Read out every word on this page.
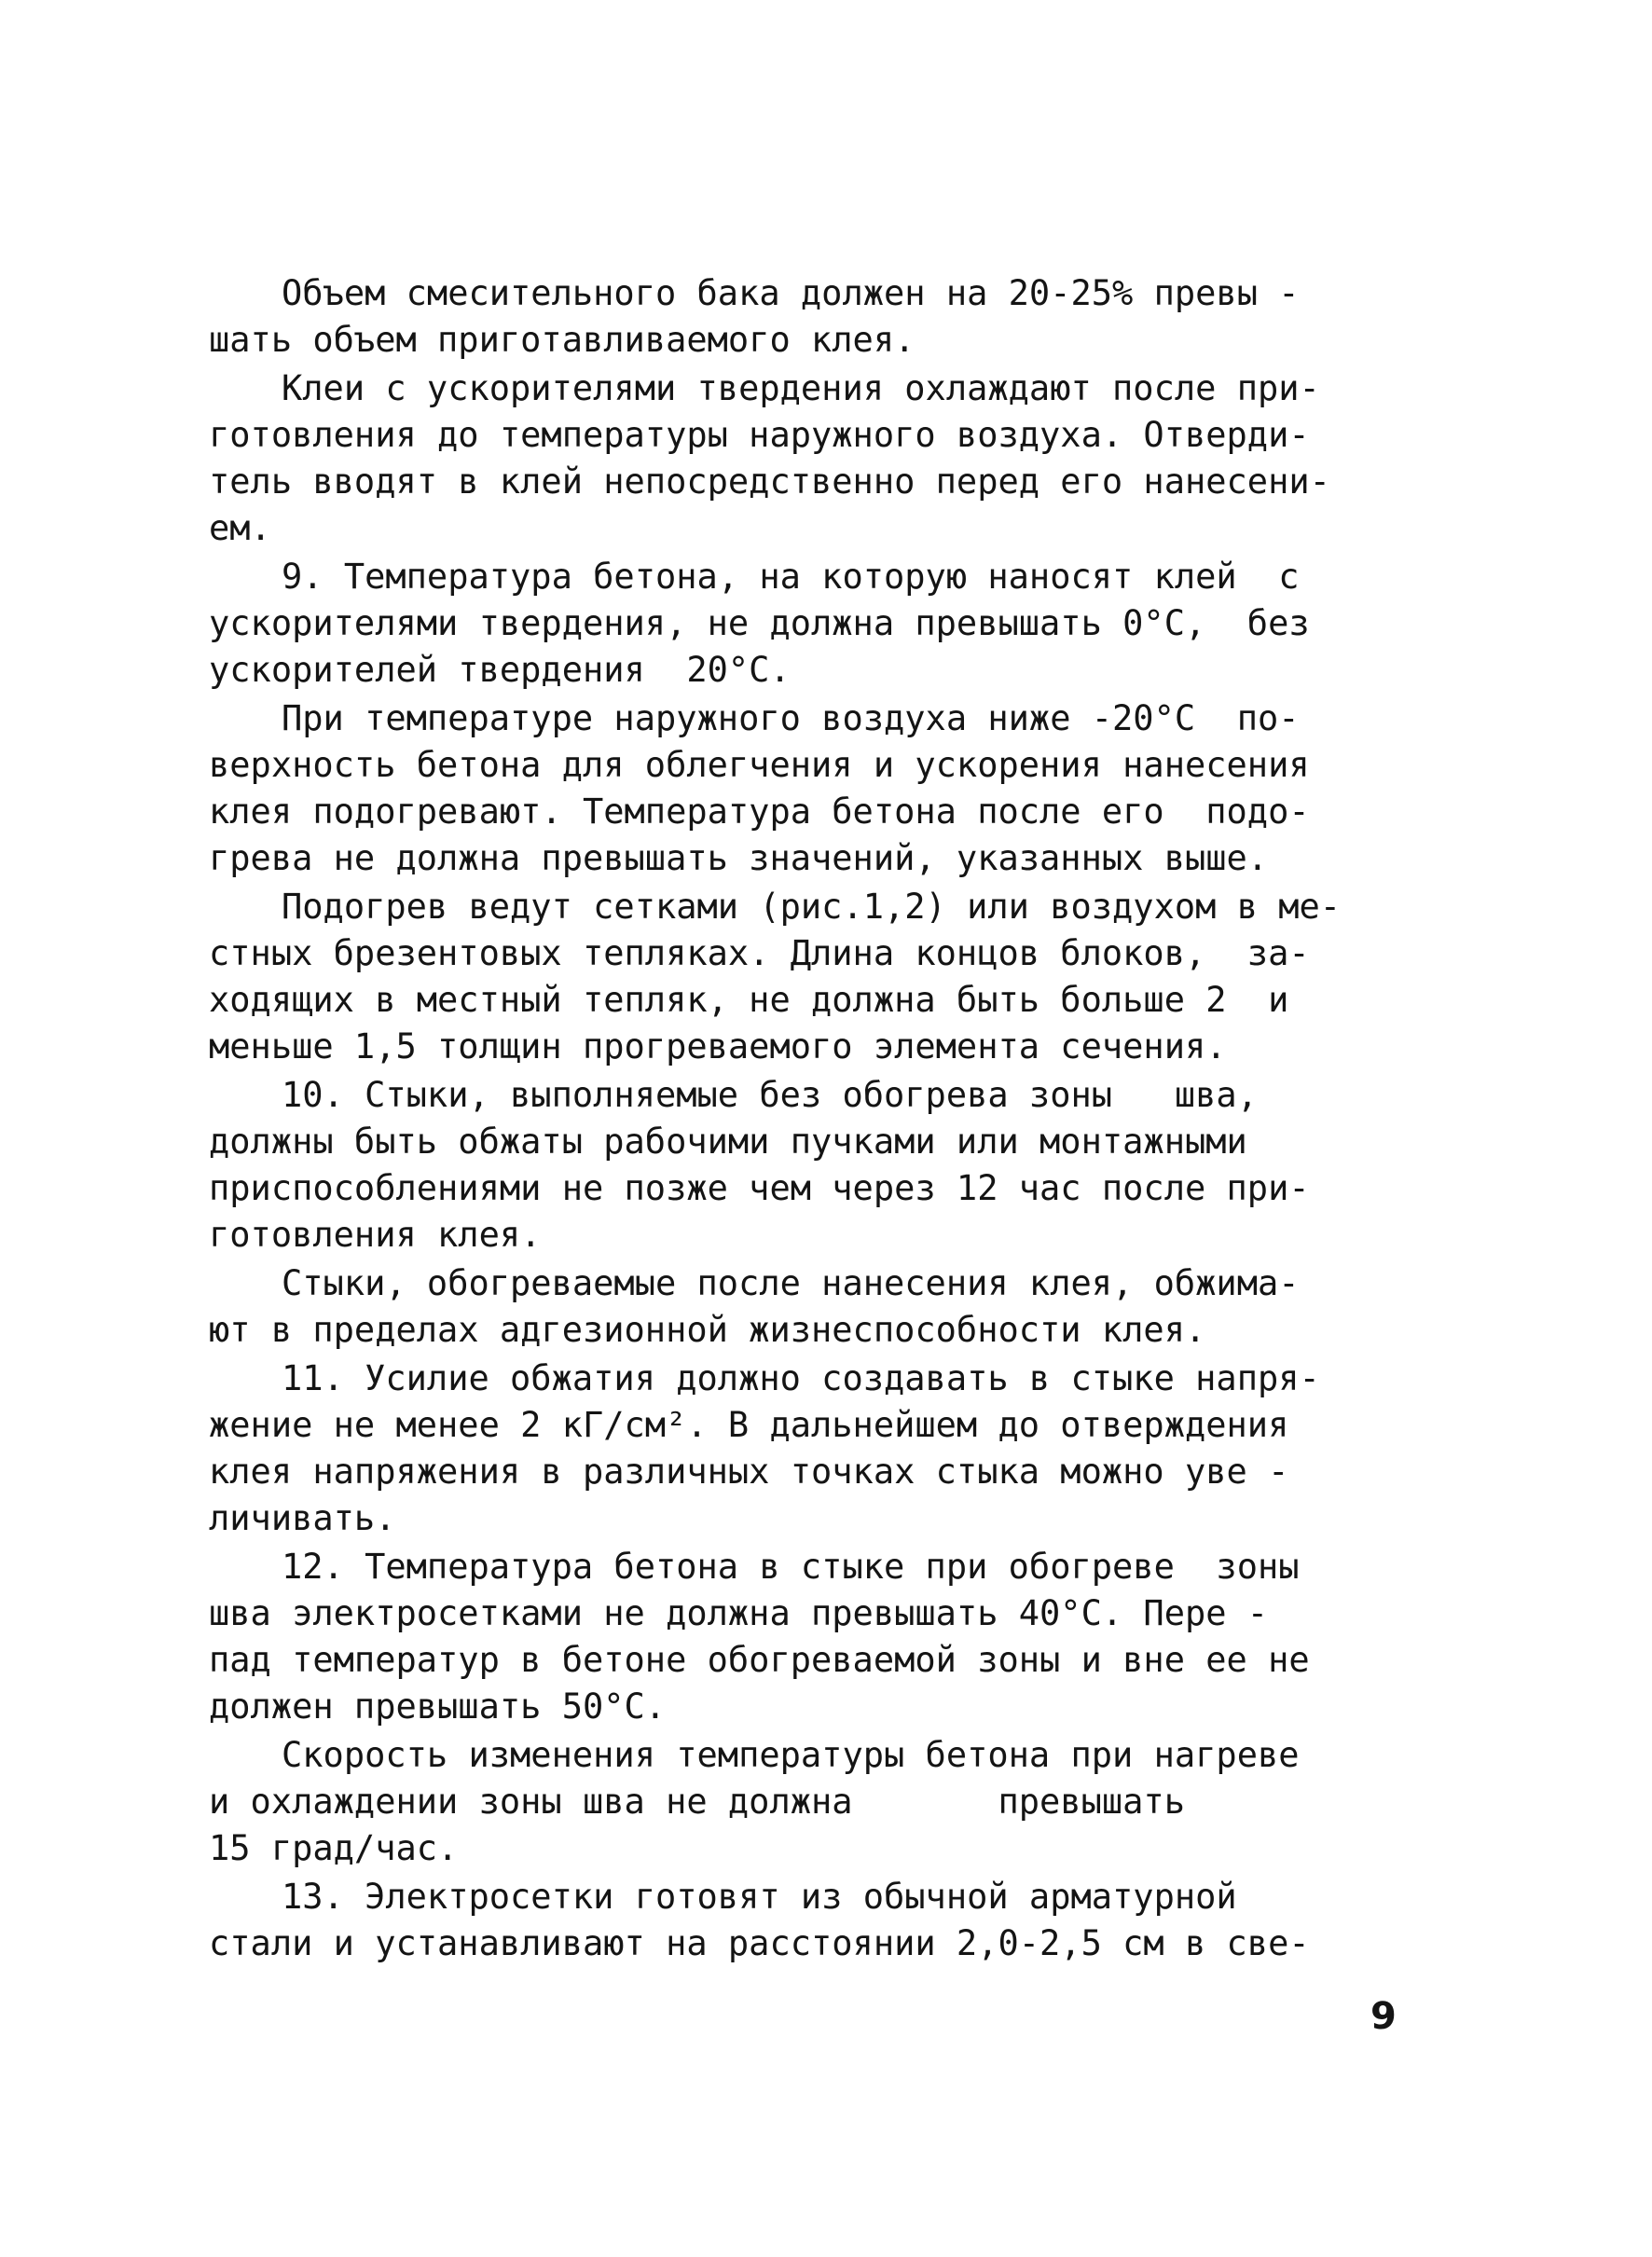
Объем смесительного бака должен на 20-25% превы -
шать объем приготавливаемого клея.
Клеи с ускорителями твердения охлаждают после при-
готовления до температуры наружного воздуха. Отверди-
тель вводят в клей непосредственно перед его нанесени-
ем.
9. Температура бетона, на которую наносят клей  с
ускорителями твердения, не должна превышать 0°С,  без
ускорителей твердения  20°С.
При температуре наружного воздуха ниже -20°С  по-
верхность бетона для облегчения и ускорения нанесения
клея подогревают. Температура бетона после его  подо-
грева не должна превышать значений, указанных выше.
Подогрев ведут сетками (рис.1,2) или воздухом в ме-
стных брезентовых тепляках. Длина концов блоков,  за-
ходящих в местный тепляк, не должна быть больше 2  и
меньше 1,5 толщин прогреваемого элемента сечения.
10. Стыки, выполняемые без обогрева зоны   шва,
должны быть обжаты рабочими пучками или монтажными
приспособлениями не позже чем через 12 час после при-
готовления клея.
Стыки, обогреваемые после нанесения клея, обжима-
ют в пределах адгезионной жизнеспособности клея.
11. Усилие обжатия должно создавать в стыке напря-
жение не менее 2 кГ/см². В дальнейшем до отверждения
клея напряжения в различных точках стыка можно уве -
личивать.
12. Температура бетона в стыке при обогреве  зоны
шва электросетками не должна превышать 40°С. Пере -
пад температур в бетоне обогреваемой зоны и вне ее не
должен превышать 50°С.
Скорость изменения температуры бетона при нагреве
и охлаждении зоны шва не должна       превышать
15 град/час.
13. Электросетки готовят из обычной арматурной
стали и устанавливают на расстоянии 2,0-2,5 см в све-
9
